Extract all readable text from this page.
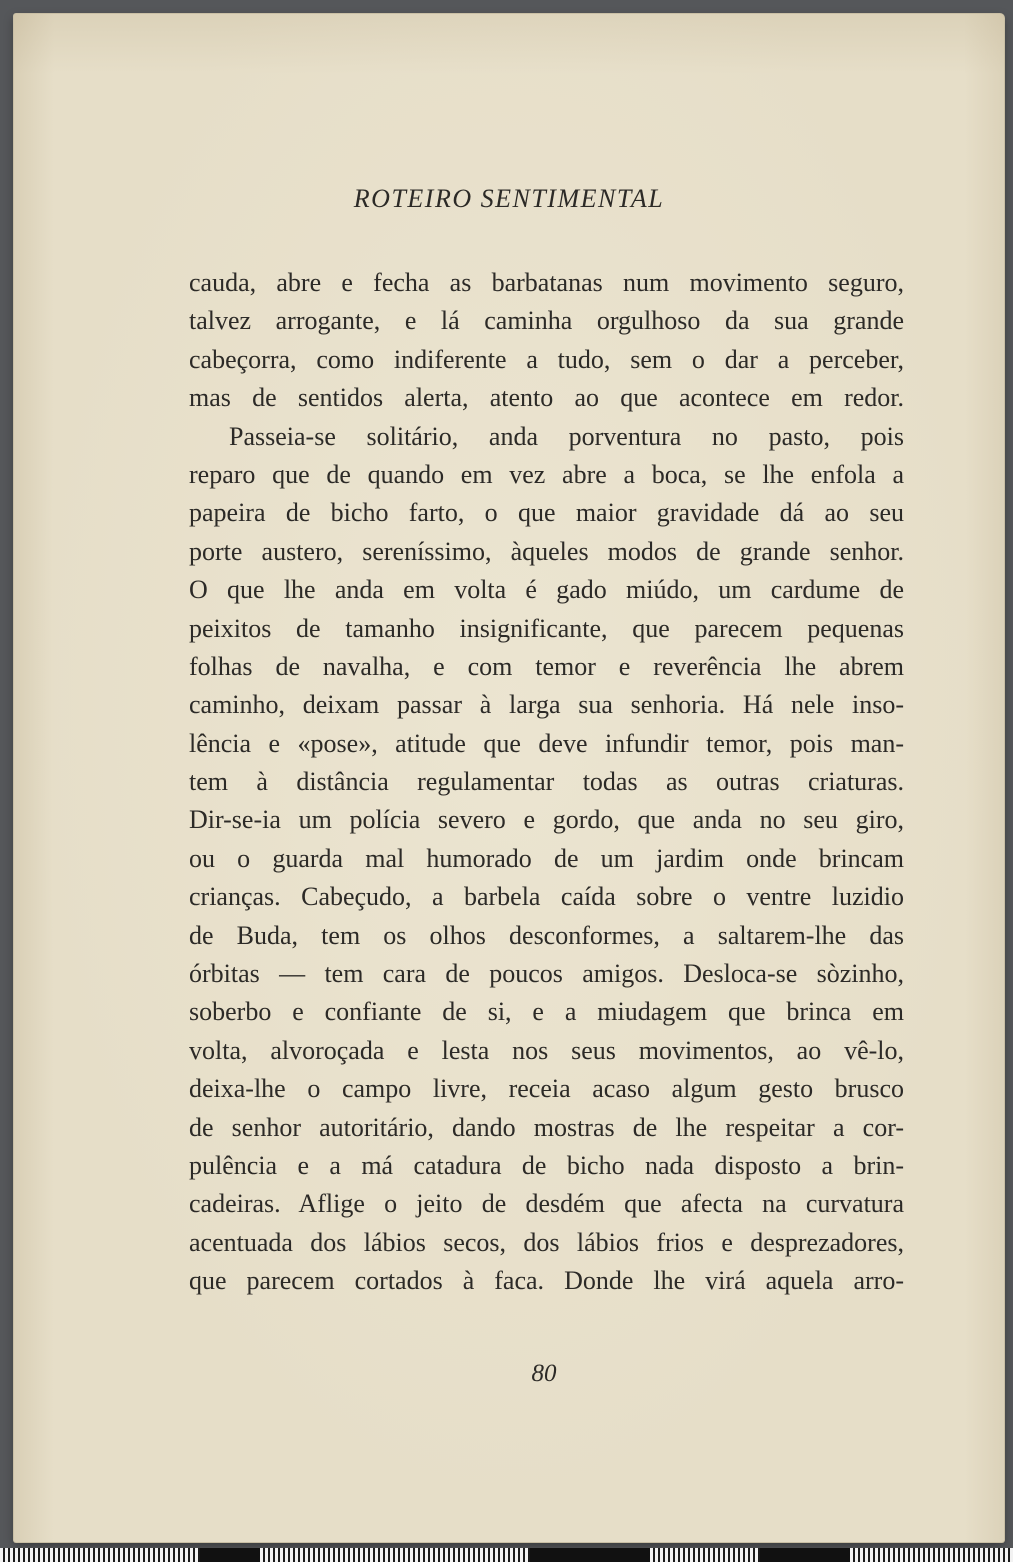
ROTEIRO SENTIMENTAL
cauda, abre e fecha as barbatanas num movimento seguro,
talvez arrogante, e lá caminha orgulhoso da sua grande
cabeçorra, como indiferente a tudo, sem o dar a perceber,
mas de sentidos alerta, atento ao que acontece em redor.
Passeia-se solitário, anda porventura no pasto, pois
reparo que de quando em vez abre a boca, se lhe enfola a
papeira de bicho farto, o que maior gravidade dá ao seu
porte austero, sereníssimo, àqueles modos de grande senhor.
O que lhe anda em volta é gado miúdo, um cardume de
peixitos de tamanho insignificante, que parecem pequenas
folhas de navalha, e com temor e reverência lhe abrem
caminho, deixam passar à larga sua senhoria. Há nele inso-
lência e «pose», atitude que deve infundir temor, pois man-
tem à distância regulamentar todas as outras criaturas.
Dir-se-ia um polícia severo e gordo, que anda no seu giro,
ou o guarda mal humorado de um jardim onde brincam
crianças. Cabeçudo, a barbela caída sobre o ventre luzidio
de Buda, tem os olhos desconformes, a saltarem-lhe das
órbitas — tem cara de poucos amigos. Desloca-se sòzinho,
soberbo e confiante de si, e a miudagem que brinca em
volta, alvoroçada e lesta nos seus movimentos, ao vê-lo,
deixa-lhe o campo livre, receia acaso algum gesto brusco
de senhor autoritário, dando mostras de lhe respeitar a cor-
pulência e a má catadura de bicho nada disposto a brin-
cadeiras. Aflige o jeito de desdém que afecta na curvatura
acentuada dos lábios secos, dos lábios frios e desprezadores,
que parecem cortados à faca. Donde lhe virá aquela arro-
80
